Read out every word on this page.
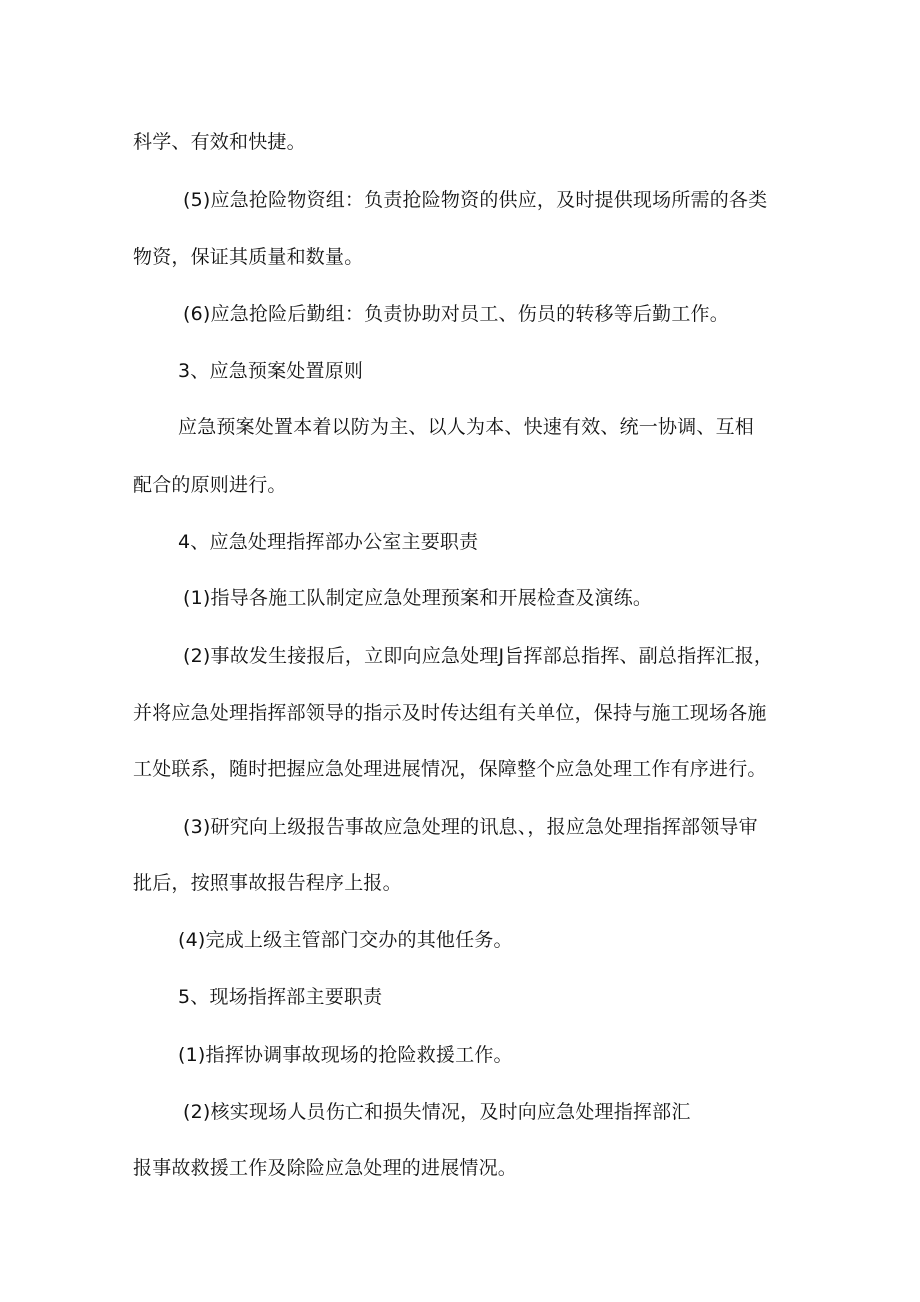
科学、有效和快捷。
(5)应急抢险物资组：负责抢险物资的供应，及时提供现场所需的各类
物资，保证其质量和数量。
(6)应急抢险后勤组：负责协助对员工、伤员的转移等后勤工作。
3、应急预案处置原则
应急预案处置本着以防为主、以人为本、快速有效、统一协调、互相
配合的原则进行。
4、应急处理指挥部办公室主要职责
(1)指导各施工队制定应急处理预案和开展检查及演练。
(2)事故发生接报后，立即向应急处理J旨挥部总指挥、副总指挥汇报，
并将应急处理指挥部领导的指示及时传达组有关单位，保持与施工现场各施
工处联系，随时把握应急处理进展情况，保障整个应急处理工作有序进行。
(3)研究向上级报告事故应急处理的讯息、，报应急处理指挥部领导审
批后，按照事故报告程序上报。
(4)完成上级主管部门交办的其他任务。
5、现场指挥部主要职责
(1)指挥协调事故现场的抢险救援工作。
(2)核实现场人员伤亡和损失情况，及时向应急处理指挥部汇
报事故救援工作及除险应急处理的进展情况。
